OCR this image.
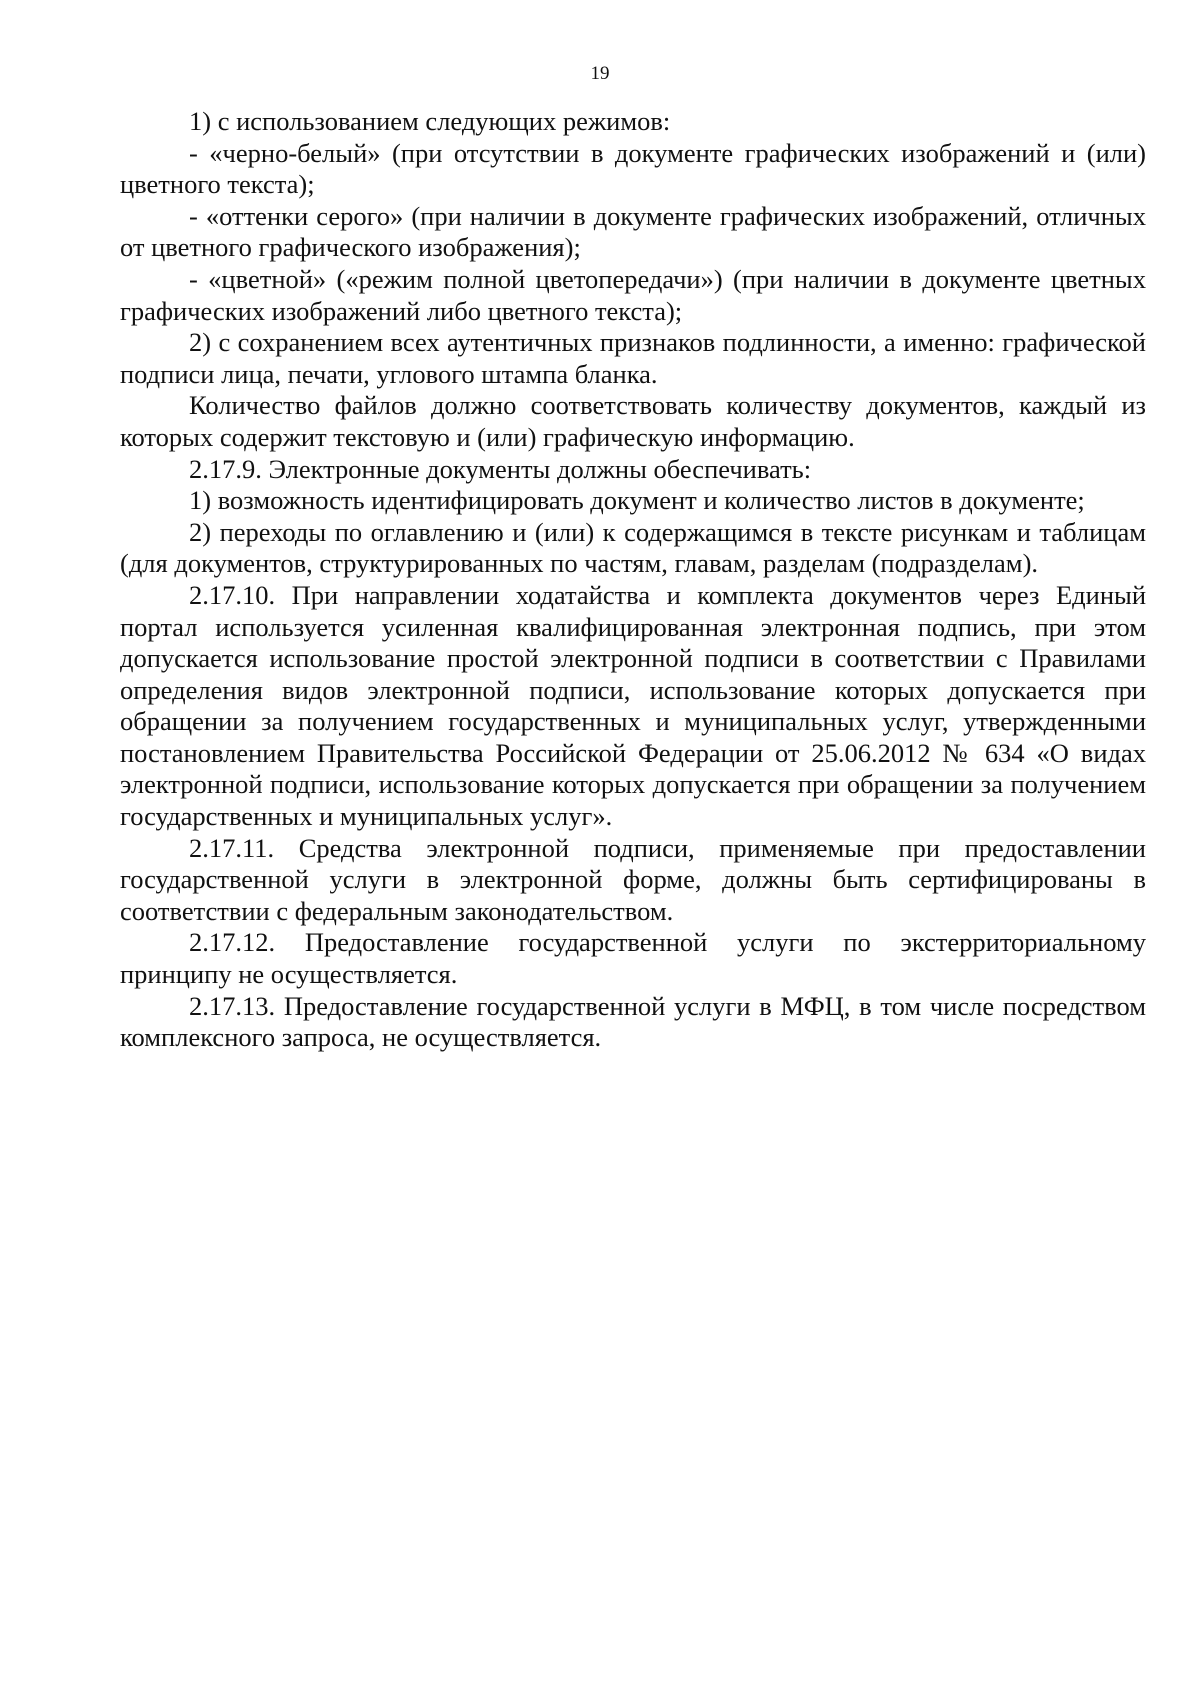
19

1) с использованием следующих режимов:

- «черно-белый» (при отсутствии в документе графических изображений и (или) цветного текста);

- «оттенки серого» (при наличии в документе графических изображений, отличных от цветного графического изображения);

- «цветной» («режим полной цветопередачи») (при наличии в документе цветных графических изображений либо цветного текста);

2) с сохранением всех аутентичных признаков подлинности, а именно: графической подписи лица, печати, углового штампа бланка.

Количество файлов должно соответствовать количеству документов, каждый из которых содержит текстовую и (или) графическую информацию.

2.17.9. Электронные документы должны обеспечивать:

1) возможность идентифицировать документ и количество листов в документе;

2) переходы по оглавлению и (или) к содержащимся в тексте рисункам и таблицам (для документов, структурированных по частям, главам, разделам (подразделам).

2.17.10. При направлении ходатайства и комплекта документов через Единый портал используется усиленная квалифицированная электронная подпись, при этом допускается использование простой электронной подписи в соответствии с Правилами определения видов электронной подписи, использование которых допускается при обращении за получением государственных и муниципальных услуг, утвержденными постановлением Правительства Российской Федерации от 25.06.2012 № 634 «О видах электронной подписи, использование которых допускается при обращении за получением государственных и муниципальных услуг».

2.17.11. Средства электронной подписи, применяемые при предоставлении государственной услуги в электронной форме, должны быть сертифицированы в соответствии с федеральным законодательством.

2.17.12. Предоставление государственной услуги по экстерриториальному принципу не осуществляется.

2.17.13. Предоставление государственной услуги в МФЦ, в том числе посредством комплексного запроса, не осуществляется.
